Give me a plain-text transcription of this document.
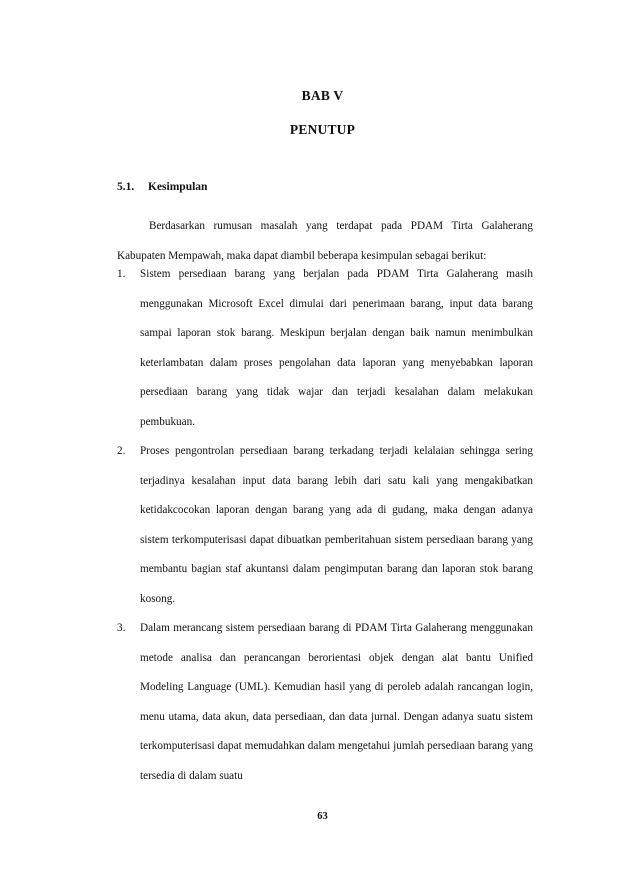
BAB V
PENUTUP
5.1. Kesimpulan

Berdasarkan rumusan masalah yang terdapat pada PDAM Tirta Galaherang Kabupaten Mempawah, maka dapat diambil beberapa kesimpulan sebagai berikut:

1. Sistem persediaan barang yang berjalan pada PDAM Tirta Galaherang masih menggunakan Microsoft Excel dimulai dari penerimaan barang, input data barang sampai laporan stok barang. Meskipun berjalan dengan baik namun menimbulkan keterlambatan dalam proses pengolahan data laporan yang menyebabkan laporan persediaan barang yang tidak wajar dan terjadi kesalahan dalam melakukan pembukuan.
2. Proses pengontrolan persediaan barang terkadang terjadi kelalaian sehingga sering terjadinya kesalahan input data barang lebih dari satu kali yang mengakibatkan ketidakcocokan laporan dengan barang yang ada di gudang, maka dengan adanya sistem terkomputerisasi dapat dibuatkan pemberitahuan sistem persediaan barang yang membantu bagian staf akuntansi dalam pengimputan barang dan laporan stok barang kosong.
3. Dalam merancang sistem persediaan barang di PDAM Tirta Galaherang menggunakan metode analisa dan perancangan berorientasi objek dengan alat bantu Unified Modeling Language (UML). Kemudian hasil yang di peroleb adalah rancangan login, menu utama, data akun, data persediaan, dan data jurnal. Dengan adanya suatu sistem terkomputerisasi dapat memudahkan dalam mengetahui jumlah persediaan barang yang tersedia di dalam suatu
63
